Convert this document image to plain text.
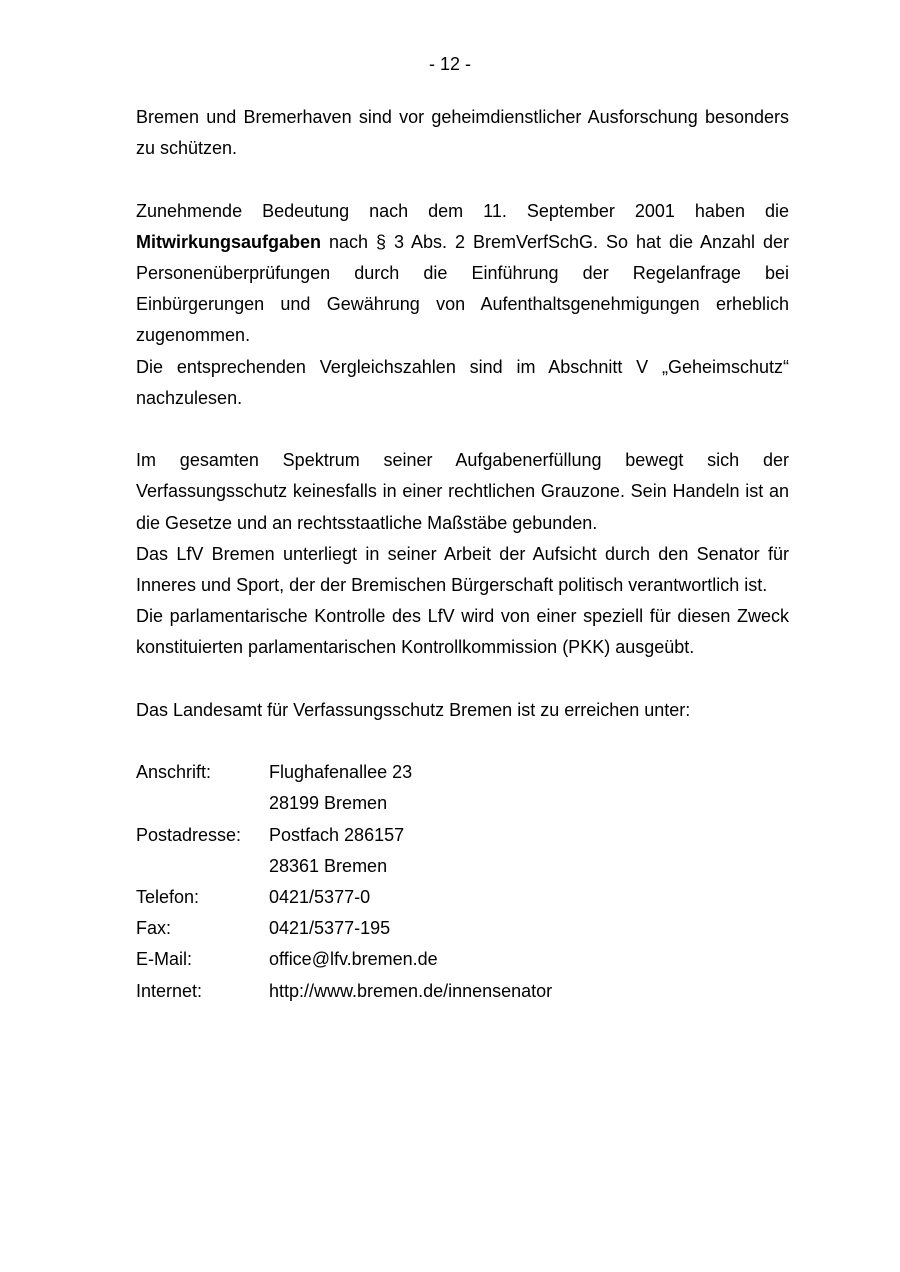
- 12 -

Bremen und Bremerhaven sind vor geheimdienstlicher Ausforschung besonders zu schützen.

Zunehmende Bedeutung nach dem 11. September 2001 haben die Mitwirkungsaufgaben nach § 3 Abs. 2 BremVerfSchG. So hat die Anzahl der Personenüberprüfungen durch die Einführung der Regelanfrage bei Einbürgerungen und Gewährung von Aufenthaltsgenehmigungen erheblich zugenommen.

Die entsprechenden Vergleichszahlen sind im Abschnitt V „Geheimschutz“ nachzulesen.

Im gesamten Spektrum seiner Aufgabenerfüllung bewegt sich der Verfassungsschutz keinesfalls in einer rechtlichen Grauzone. Sein Handeln ist an die Gesetze und an rechtsstaatliche Maßstäbe gebunden.

Das LfV Bremen unterliegt in seiner Arbeit der Aufsicht durch den Senator für Inneres und Sport, der der Bremischen Bürgerschaft politisch verantwortlich ist.

Die parlamentarische Kontrolle des LfV wird von einer speziell für diesen Zweck konstituierten parlamentarischen Kontrollkommission (PKK) ausgeübt.

Das Landesamt für Verfassungsschutz Bremen ist zu erreichen unter:

Anschrift:	Flughafenallee 23
	28199 Bremen
Postadresse:	Postfach 286157
	28361 Bremen
Telefon:	0421/5377-0
Fax:	0421/5377-195
E-Mail:	office@lfv.bremen.de
Internet:	http://www.bremen.de/innensenator
